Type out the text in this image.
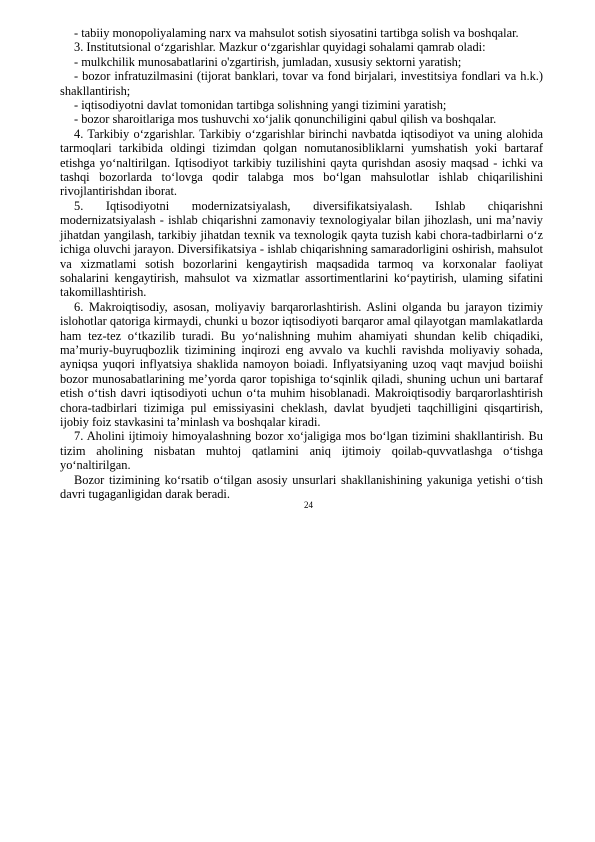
- tabiiy monopoliyalaming narx va mahsulot sotish siyosatini tartibga solish va boshqalar.

3. Institutsional o‘zgarishlar. Mazkur o‘zgarishlar quyidagi sohalami qamrab oladi:

- mulkchilik munosabatlarini o'zgartirish, jumladan, xususiy sektorni yaratish;

- bozor infratuzilmasini (tijorat banklari, tovar va fond birjalari, investitsiya fondlari va h.k.) shakllantirish;

- iqtisodiyotni davlat tomonidan tartibga solishning yangi tizimini yaratish;

- bozor sharoitlariga mos tushuvchi xo‘jalik qonunchiligini qabul qilish va boshqalar.

4. Tarkibiy o‘zgarishlar. Tarkibiy o‘zgarishlar birinchi navbatda iqtisodiyot va uning alohida tarmoqlari tarkibida oldingi tizimdan qolgan nomutanosibliklarni yumshatish yoki bartaraf etishga yo‘naltirilgan. Iqtisodiyot tarkibiy tuzilishini qayta qurishdan asosiy maqsad - ichki va tashqi bozorlarda to‘lovga qodir talabga mos bo‘lgan mahsulotlar ishlab chiqarilishini rivojlantirishdan iborat.

5. Iqtisodiyotni modernizatsiyalash, diversifikatsiyalash. Ishlab chiqarishni modernizatsiyalash - ishlab chiqarishni zamonaviy texnologiyalar bilan jihozlash, uni ma’naviy jihatdan yangilash, tarkibiy jihatdan texnik va texnologik qayta tuzish kabi chora-tadbirlarni o‘z ichiga oluvchi jarayon. Diversifikatsiya - ishlab chiqarishning samaradorligini oshirish, mahsulot va xizmatlami sotish bozorlarini kengaytirish maqsadida tarmoq va korxonalar faoliyat sohalarini kengaytirish, mahsulot va xizmatlar assortimentlarini ko‘paytirish, ulaming sifatini takomillashtirish.

6. Makroiqtisodiy, asosan, moliyaviy barqarorlashtirish. Aslini olganda bu jarayon tizimiy islohotlar qatoriga kirmaydi, chunki u bozor iqtisodiyoti barqaror amal qilayotgan mamlakatlarda ham tez-tez o‘tkazilib turadi. Bu yo‘nalishning muhim ahamiyati shundan kelib chiqadiki, ma’muriy-buyruqbozlik tizimining inqirozi eng avvalo va kuchli ravishda moliyaviy sohada, ayniqsa yuqori inflyatsiya shaklida namoyon boiadi. Inflyatsiyaning uzoq vaqt mavjud boiishi bozor munosabatlarining me’yorda qaror topishiga to‘sqinlik qiladi, shuning uchun uni bartaraf etish o‘tish davri iqtisodiyoti uchun o‘ta muhim hisoblanadi. Makroiqtisodiy barqarorlashtirish chora-tadbirlari tizimiga pul emissiyasini cheklash, davlat byudjeti taqchilligini qisqartirish, ijobiy foiz stavkasini ta’minlash va boshqalar kiradi.

7. Aholini ijtimoiy himoyalashning bozor xo‘jaligiga mos bo‘lgan tizimini shakllantirish. Bu tizim aholining nisbatan muhtoj qatlamini aniq ijtimoiy qoilab-quvvatlashga o‘tishga yo‘naltirilgan.

Bozor tizimining ko‘rsatib o‘tilgan asosiy unsurlari shakllanishining yakuniga yetishi o‘tish davri tugaganligidan darak beradi.

24
